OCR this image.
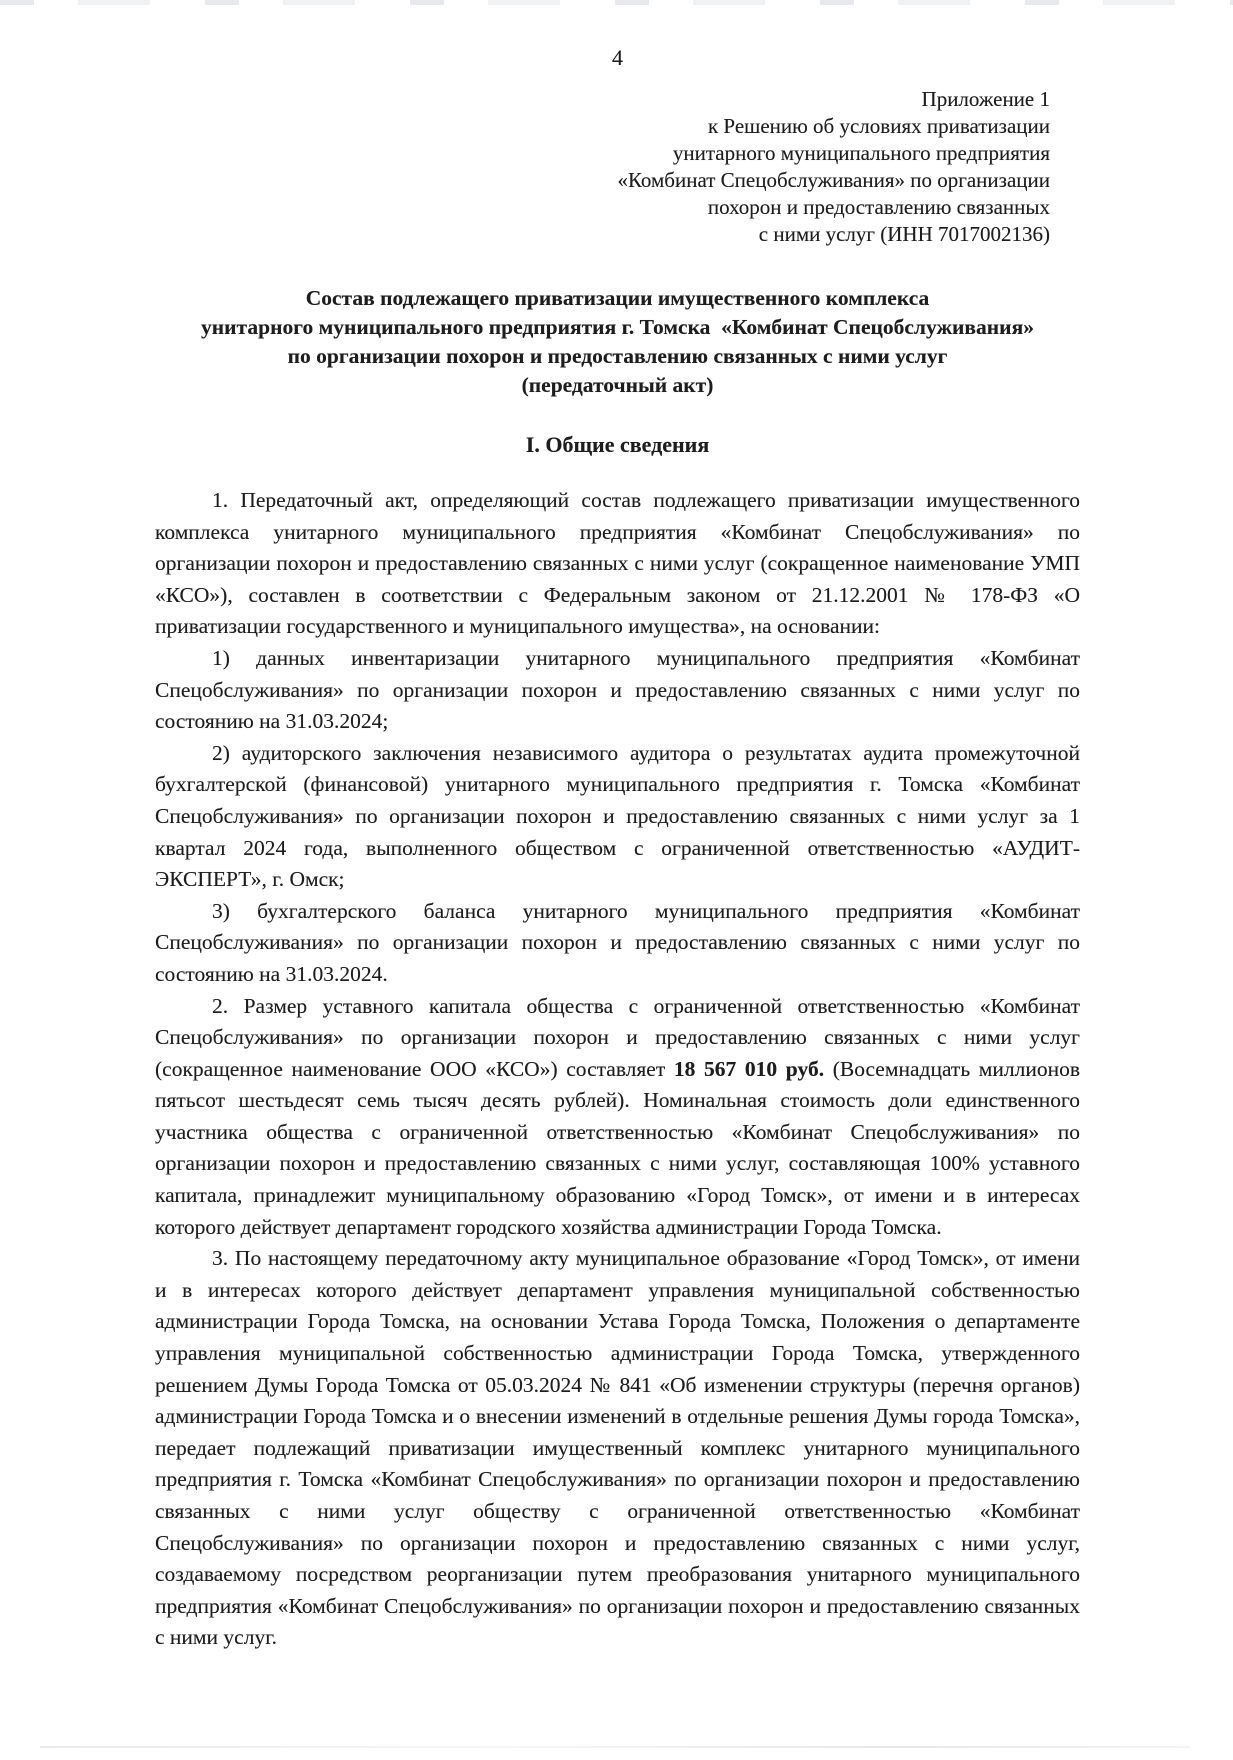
4
Приложение 1
к Решению об условиях приватизации
унитарного муниципального предприятия
«Комбинат Спецобслуживания» по организации
похорон и предоставлению связанных
с ними услуг (ИНН 7017002136)
Состав подлежащего приватизации имущественного комплекса
унитарного муниципального предприятия г. Томска  «Комбинат Спецобслуживания»
по организации похорон и предоставлению связанных с ними услуг
(передаточный акт)
I. Общие сведения

1. Передаточный акт, определяющий состав подлежащего приватизации имущественного комплекса унитарного муниципального предприятия «Комбинат Спецобслуживания» по организации похорон и предоставлению связанных с ними услуг (сокращенное наименование УМП «КСО»), составлен в соответствии с Федеральным законом от 21.12.2001 № 178-ФЗ «О приватизации государственного и муниципального имущества», на основании:

1) данных инвентаризации унитарного муниципального предприятия «Комбинат Спецобслуживания» по организации похорон и предоставлению связанных с ними услуг по состоянию на 31.03.2024;

2) аудиторского заключения независимого аудитора о результатах аудита промежуточной бухгалтерской (финансовой) унитарного муниципального предприятия г. Томска «Комбинат Спецобслуживания» по организации похорон и предоставлению связанных с ними услуг за 1 квартал 2024 года, выполненного обществом с ограниченной ответственностью «АУДИТ-ЭКСПЕРТ», г. Омск;

3) бухгалтерского баланса унитарного муниципального предприятия «Комбинат Спецобслуживания» по организации похорон и предоставлению связанных с ними услуг по состоянию на 31.03.2024.

2. Размер уставного капитала общества с ограниченной ответственностью «Комбинат Спецобслуживания» по организации похорон и предоставлению связанных с ними услуг (сокращенное наименование ООО «КСО») составляет 18 567 010 руб. (Восемнадцать миллионов пятьсот шестьдесят семь тысяч десять рублей). Номинальная стоимость доли единственного участника общества с ограниченной ответственностью «Комбинат Спецобслуживания» по организации похорон и предоставлению связанных с ними услуг, составляющая 100% уставного капитала, принадлежит муниципальному образованию «Город Томск», от имени и в интересах которого действует департамент городского хозяйства администрации Города Томска.

3. По настоящему передаточному акту муниципальное образование «Город Томск», от имени и в интересах которого действует департамент управления муниципальной собственностью администрации Города Томска, на основании Устава Города Томска, Положения о департаменте управления муниципальной собственностью администрации Города Томска, утвержденного решением Думы Города Томска от 05.03.2024 № 841 «Об изменении структуры (перечня органов) администрации Города Томска и о внесении изменений в отдельные решения Думы города Томска», передает подлежащий приватизации имущественный комплекс унитарного муниципального предприятия г. Томска «Комбинат Спецобслуживания» по организации похорон и предоставлению связанных с ними услуг обществу с ограниченной ответственностью «Комбинат Спецобслуживания» по организации похорон и предоставлению связанных с ними услуг, создаваемому посредством реорганизации путем преобразования унитарного муниципального предприятия «Комбинат Спецобслуживания» по организации похорон и предоставлению связанных с ними услуг.
